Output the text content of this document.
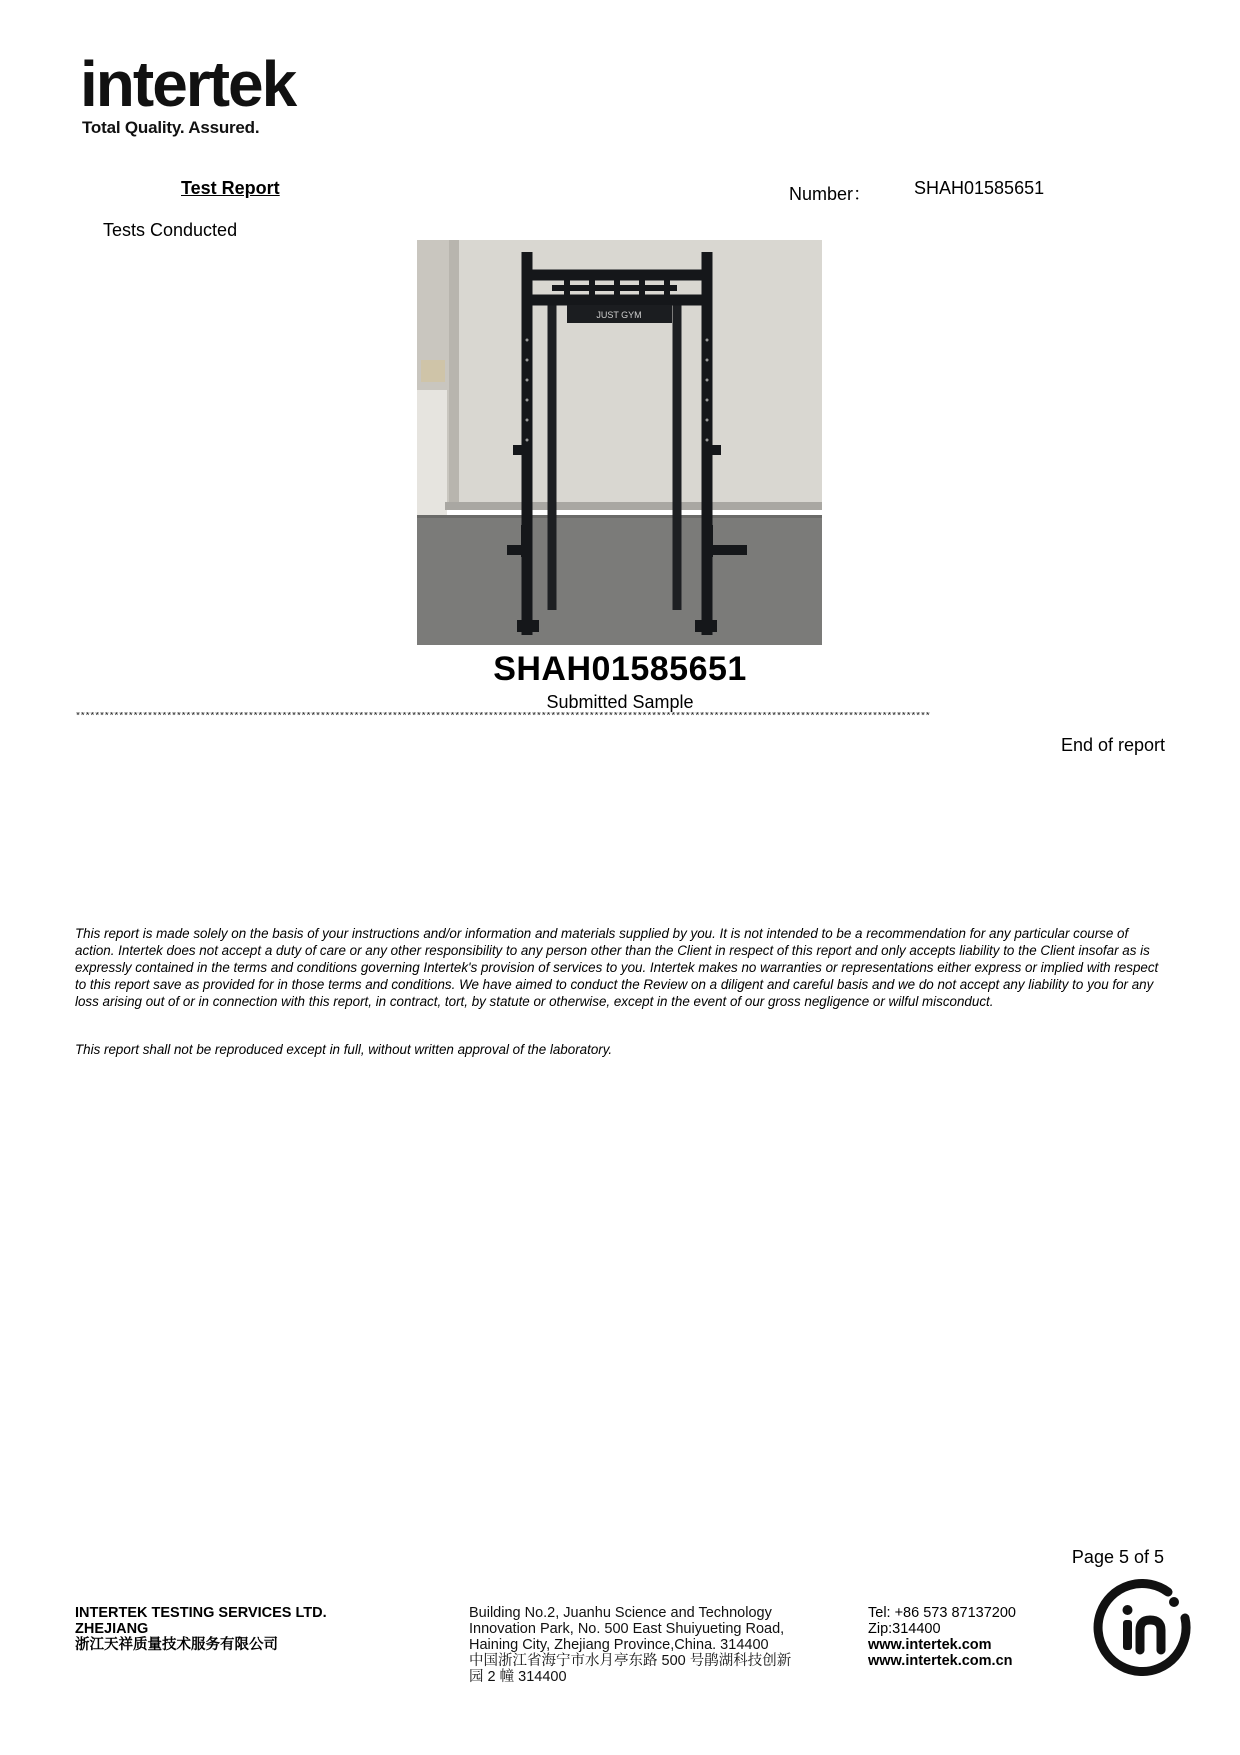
intertek
Total Quality. Assured.
Test Report	Number： SHAH01585651
Tests Conducted
JUST GYM
SHAH01585651
Submitted Sample
**********************************************************************************************************************************************************************************
End of report
This report is made solely on the basis of your instructions and/or information and materials supplied by you. It is not intended to be a recommendation for any particular course of action. Intertek does not accept a duty of care or any other responsibility to any person other than the Client in respect of this report and only accepts liability to the Client insofar as is expressly contained in the terms and conditions governing Intertek's provision of services to you. Intertek makes no warranties or representations either express or implied with respect to this report save as provided for in those terms and conditions. We have aimed to conduct the Review on a diligent and careful basis and we do not accept any liability to you for any loss arising out of or in connection with this report, in contract, tort, by statute or otherwise, except in the event of our gross negligence or wilful misconduct.
This report shall not be reproduced except in full, without written approval of the laboratory.
Page 5 of 5
INTERTEK TESTING SERVICES LTD.
ZHEJIANG
浙江天祥质量技术服务有限公司
Building No.2, Juanhu Science and Technology
Innovation Park, No. 500 East Shuiyueting Road,
Haining City, Zhejiang Province,China. 314400
中国浙江省海宁市水月亭东路 500 号鹃湖科技创新
园 2 幢 314400
Tel: +86 573 87137200
Zip:314400
www.intertek.com
www.intertek.com.cn
